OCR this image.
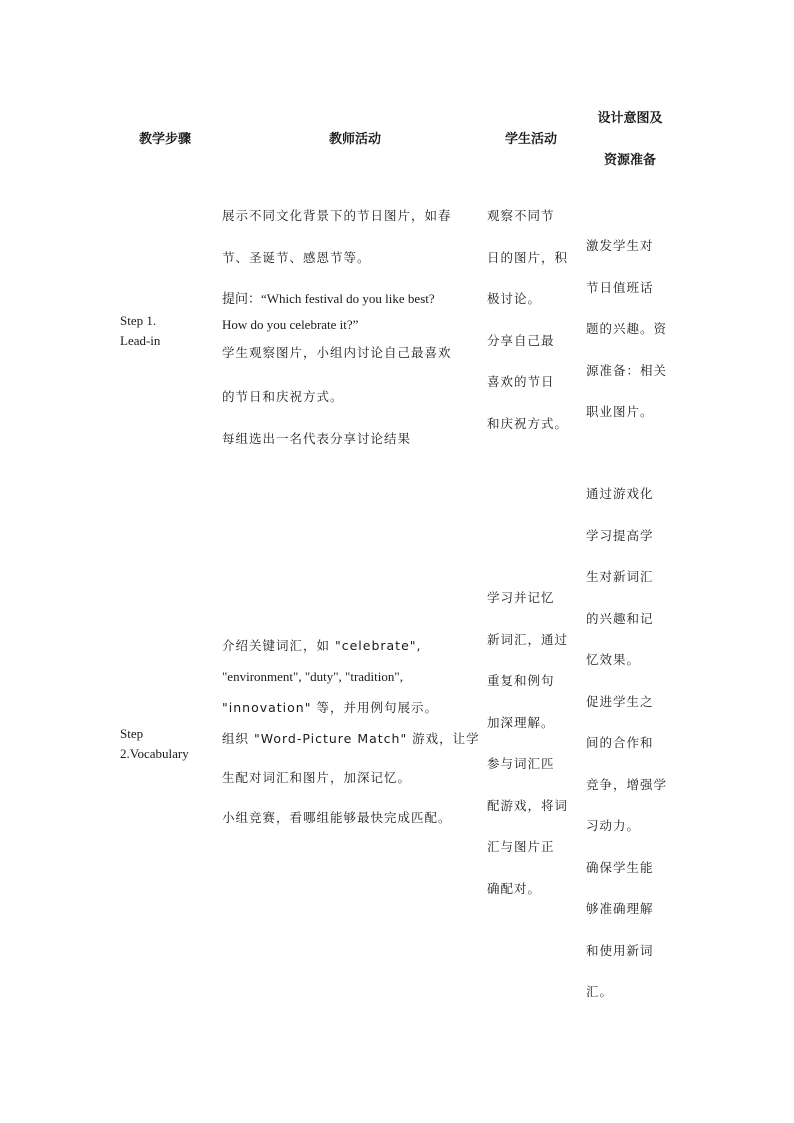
教学步骤	教师活动	学生活动
设计意图及
资源准备
Step 1.
Lead-in
展示不同文化背景下的节日图片，如春
节、圣诞节、感恩节等。
提问：“Which festival do you like best?
How do you celebrate it?”
学生观察图片，小组内讨论自己最喜欢
的节日和庆祝方式。
每组选出一名代表分享讨论结果
观察不同节
日的图片，积
极讨论。
分享自己最
喜欢的节日
和庆祝方式。
激发学生对
节日值班话
题的兴趣。资
源准备：相关
职业图片。
Step
2.Vocabulary
介绍关键词汇，如 "celebrate",
"environment", "duty", "tradition",
"innovation" 等，并用例句展示。
组织 "Word-Picture Match" 游戏，让学
生配对词汇和图片，加深记忆。
小组竞赛，看哪组能够最快完成匹配。
学习并记忆
新词汇，通过
重复和例句
加深理解。
参与词汇匹
配游戏，将词
汇与图片正
确配对。
通过游戏化
学习提高学
生对新词汇
的兴趣和记
忆效果。
促进学生之
间的合作和
竞争，增强学
习动力。
确保学生能
够准确理解
和使用新词
汇。
